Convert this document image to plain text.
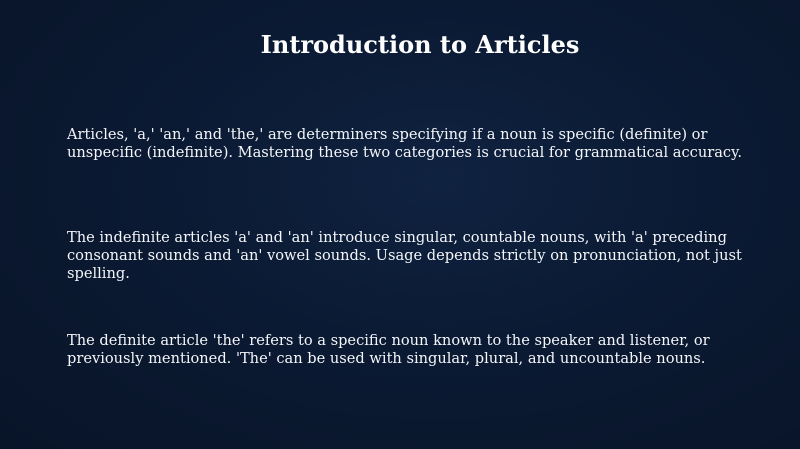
Introduction to Articles

Articles, 'a,' 'an,' and 'the,' are determiners specifying if a noun is specific (definite) or unspecific (indefinite). Mastering these two categories is crucial for grammatical accuracy.

The indefinite articles 'a' and 'an' introduce singular, countable nouns, with 'a' preceding consonant sounds and 'an' vowel sounds. Usage depends strictly on pronunciation, not just spelling.

The definite article 'the' refers to a specific noun known to the speaker and listener, or previously mentioned. 'The' can be used with singular, plural, and uncountable nouns.
